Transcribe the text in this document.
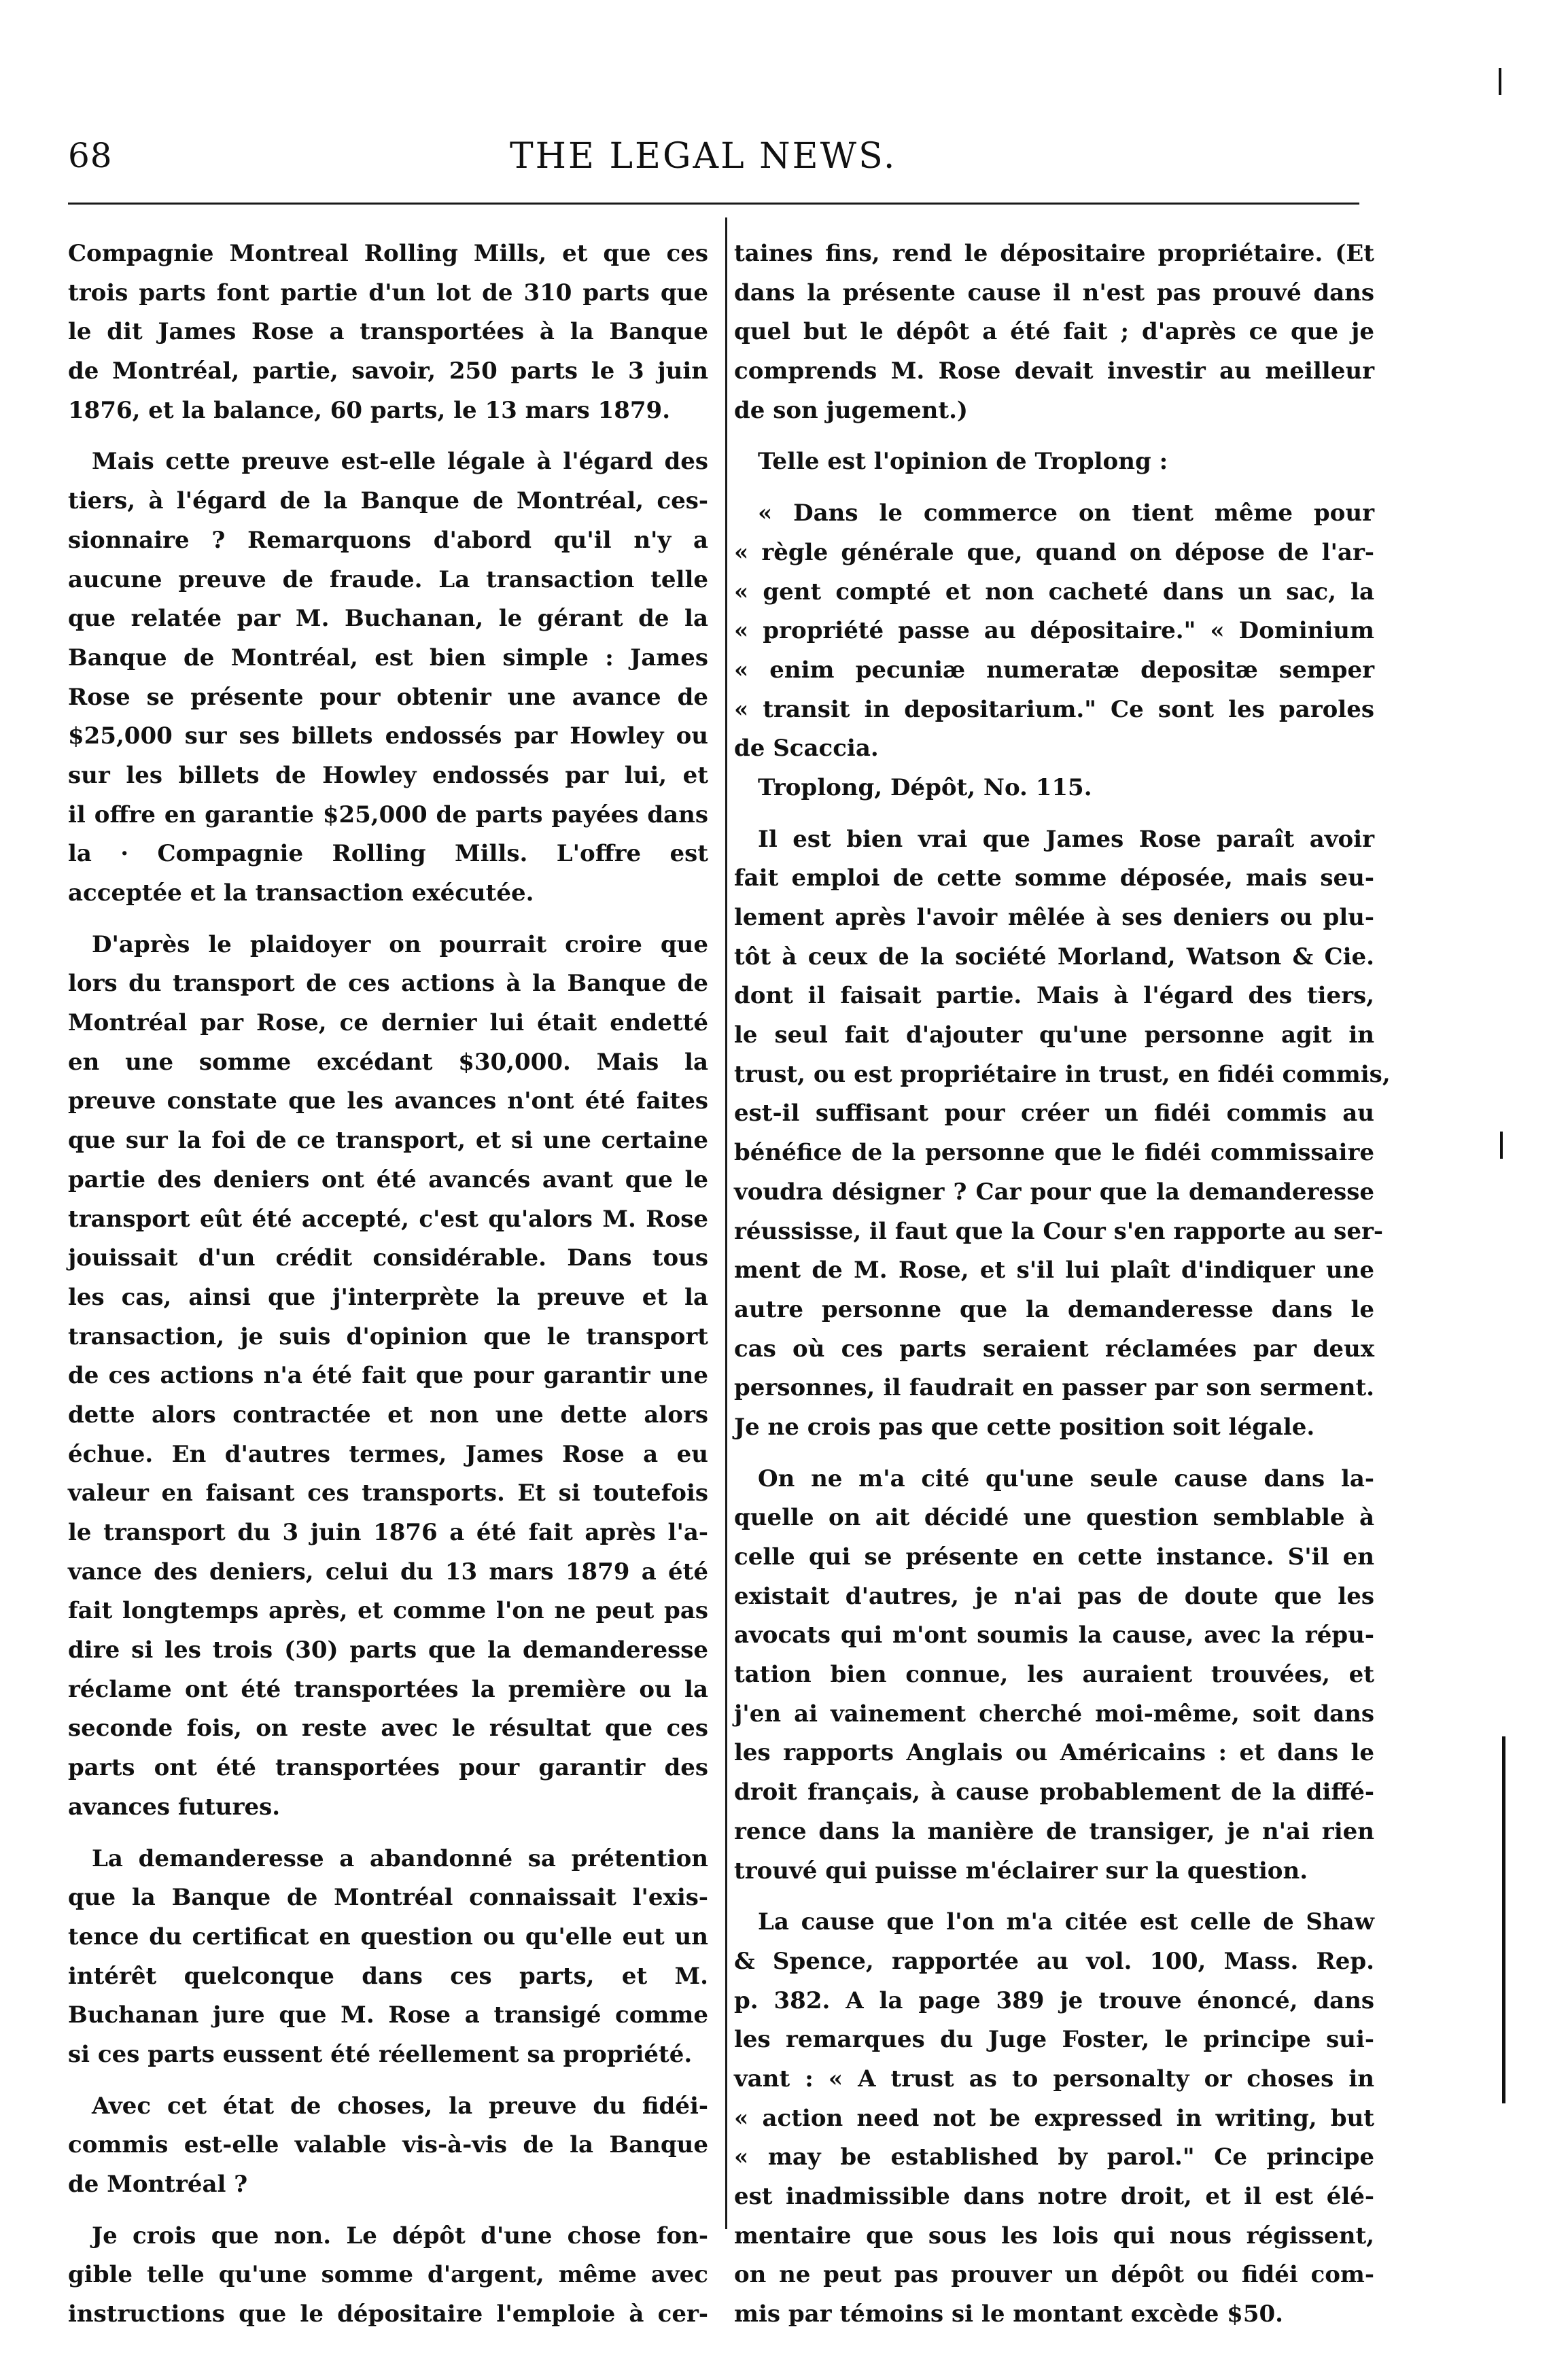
68	THE LEGAL NEWS.
Compagnie Montreal Rolling Mills, et que ces
trois parts font partie d'un lot de 310 parts que
le dit James Rose a transportées à la Banque
de Montréal, partie, savoir, 250 parts le 3 juin
1876, et la balance, 60 parts, le 13 mars 1879.
Mais cette preuve est-elle légale à l'égard des
tiers, à l'égard de la Banque de Montréal, ces-
sionnaire ? Remarquons d'abord qu'il n'y a
aucune preuve de fraude. La transaction telle
que relatée par M. Buchanan, le gérant de la
Banque de Montréal, est bien simple : James
Rose se présente pour obtenir une avance de
$25,000 sur ses billets endossés par Howley ou
sur les billets de Howley endossés par lui, et
il offre en garantie $25,000 de parts payées dans
la · Compagnie Rolling Mills. L'offre est
acceptée et la transaction exécutée.
D'après le plaidoyer on pourrait croire que
lors du transport de ces actions à la Banque de
Montréal par Rose, ce dernier lui était endetté
en une somme excédant $30,000. Mais la
preuve constate que les avances n'ont été faites
que sur la foi de ce transport, et si une certaine
partie des deniers ont été avancés avant que le
transport eût été accepté, c'est qu'alors M. Rose
jouissait d'un crédit considérable. Dans tous
les cas, ainsi que j'interprète la preuve et la
transaction, je suis d'opinion que le transport
de ces actions n'a été fait que pour garantir une
dette alors contractée et non une dette alors
échue. En d'autres termes, James Rose a eu
valeur en faisant ces transports. Et si toutefois
le transport du 3 juin 1876 a été fait après l'a-
vance des deniers, celui du 13 mars 1879 a été
fait longtemps après, et comme l'on ne peut pas
dire si les trois (30) parts que la demanderesse
réclame ont été transportées la première ou la
seconde fois, on reste avec le résultat que ces
parts ont été transportées pour garantir des
avances futures.
La demanderesse a abandonné sa prétention
que la Banque de Montréal connaissait l'exis-
tence du certificat en question ou qu'elle eut un
intérêt quelconque dans ces parts, et M.
Buchanan jure que M. Rose a transigé comme
si ces parts eussent été réellement sa propriété.
Avec cet état de choses, la preuve du fidéi-
commis est-elle valable vis-à-vis de la Banque
de Montréal ?
Je crois que non. Le dépôt d'une chose fon-
gible telle qu'une somme d'argent, même avec
instructions que le dépositaire l'emploie à cer-
taines fins, rend le dépositaire propriétaire. (Et
dans la présente cause il n'est pas prouvé dans
quel but le dépôt a été fait ; d'après ce que je
comprends M. Rose devait investir au meilleur
de son jugement.)
Telle est l'opinion de Troplong :
« Dans le commerce on tient même pour
« règle générale que, quand on dépose de l'ar-
« gent compté et non cacheté dans un sac, la
« propriété passe au dépositaire." « Dominium
« enim pecuniæ numeratæ depositæ semper
« transit in depositarium." Ce sont les paroles
de Scaccia.
Troplong, Dépôt, No. 115.
Il est bien vrai que James Rose paraît avoir
fait emploi de cette somme déposée, mais seu-
lement après l'avoir mêlée à ses deniers ou plu-
tôt à ceux de la société Morland, Watson & Cie.
dont il faisait partie. Mais à l'égard des tiers,
le seul fait d'ajouter qu'une personne agit in
trust, ou est propriétaire in trust, en fidéi commis,
est-il suffisant pour créer un fidéi commis au
bénéfice de la personne que le fidéi commissaire
voudra désigner ? Car pour que la demanderesse
réussisse, il faut que la Cour s'en rapporte au ser-
ment de M. Rose, et s'il lui plaît d'indiquer une
autre personne que la demanderesse dans le
cas où ces parts seraient réclamées par deux
personnes, il faudrait en passer par son serment.
Je ne crois pas que cette position soit légale.
On ne m'a cité qu'une seule cause dans la-
quelle on ait décidé une question semblable à
celle qui se présente en cette instance. S'il en
existait d'autres, je n'ai pas de doute que les
avocats qui m'ont soumis la cause, avec la répu-
tation bien connue, les auraient trouvées, et
j'en ai vainement cherché moi-même, soit dans
les rapports Anglais ou Américains : et dans le
droit français, à cause probablement de la diffé-
rence dans la manière de transiger, je n'ai rien
trouvé qui puisse m'éclairer sur la question.
La cause que l'on m'a citée est celle de Shaw
& Spence, rapportée au vol. 100, Mass. Rep.
p. 382. A la page 389 je trouve énoncé, dans
les remarques du Juge Foster, le principe sui-
vant : « A trust as to personalty or choses in
« action need not be expressed in writing, but
« may be established by parol." Ce principe
est inadmissible dans notre droit, et il est élé-
mentaire que sous les lois qui nous régissent,
on ne peut pas prouver un dépôt ou fidéi com-
mis par témoins si le montant excède $50.
